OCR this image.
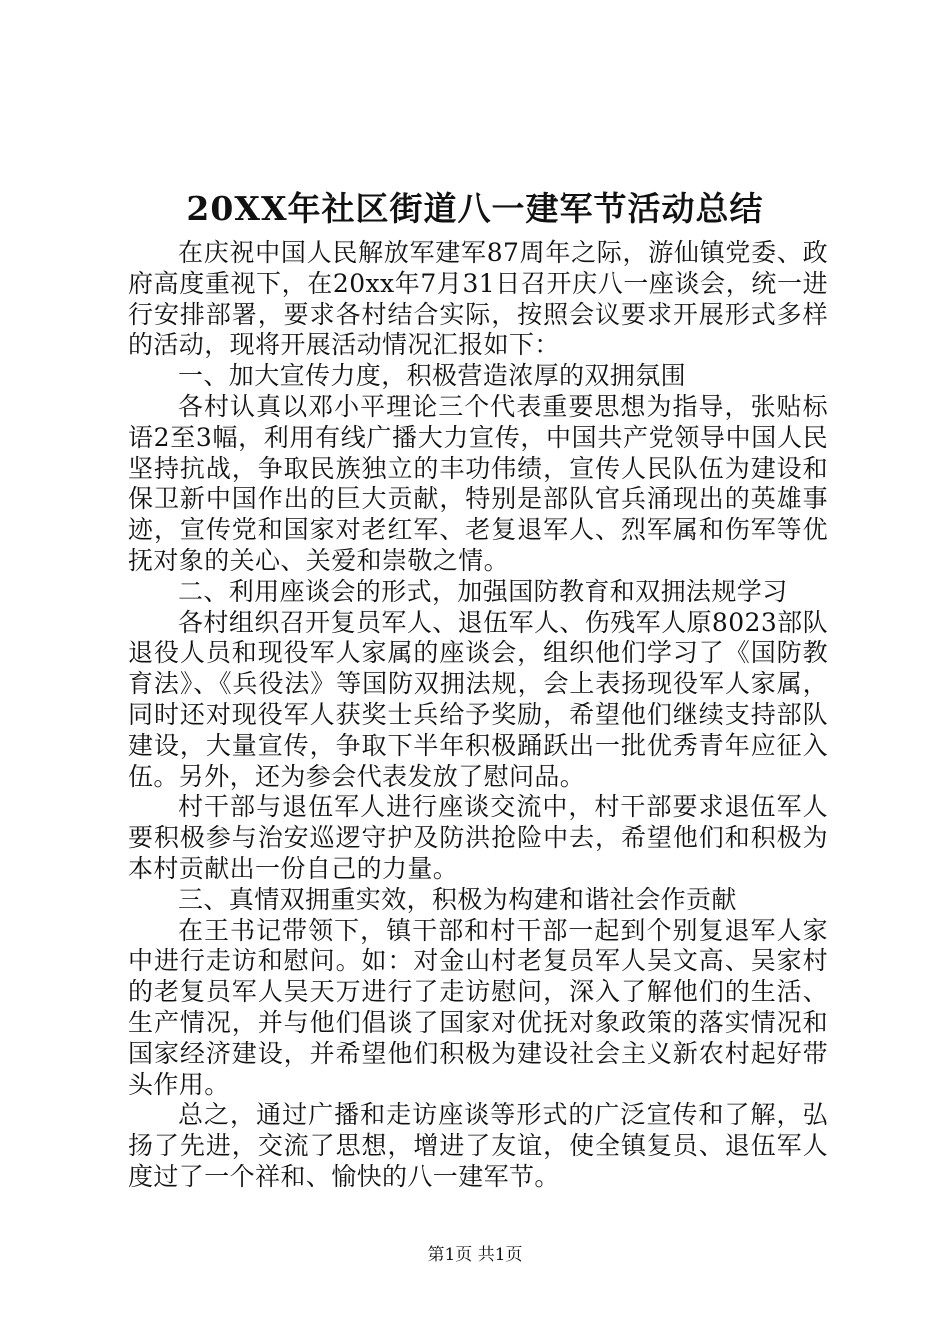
20XX年社区街道八一建军节活动总结

在庆祝中国人民解放军建军87周年之际，游仙镇党委、政府高度重视下，在20xx年7月31日召开庆八一座谈会，统一进行安排部署，要求各村结合实际，按照会议要求开展形式多样的活动，现将开展活动情况汇报如下：

一、加大宣传力度，积极营造浓厚的双拥氛围

各村认真以邓小平理论三个代表重要思想为指导，张贴标语2至3幅，利用有线广播大力宣传，中国共产党领导中国人民坚持抗战，争取民族独立的丰功伟绩，宣传人民队伍为建设和保卫新中国作出的巨大贡献，特别是部队官兵涌现出的英雄事迹，宣传党和国家对老红军、老复退军人、烈军属和伤军等优抚对象的关心、关爱和崇敬之情。

二、利用座谈会的形式，加强国防教育和双拥法规学习

各村组织召开复员军人、退伍军人、伤残军人原8023部队退役人员和现役军人家属的座谈会，组织他们学习了《国防教育法》、《兵役法》等国防双拥法规，会上表扬现役军人家属，同时还对现役军人获奖士兵给予奖励，希望他们继续支持部队建设，大量宣传，争取下半年积极踊跃出一批优秀青年应征入伍。另外，还为参会代表发放了慰问品。

村干部与退伍军人进行座谈交流中，村干部要求退伍军人要积极参与治安巡逻守护及防洪抢险中去，希望他们和积极为本村贡献出一份自己的力量。

三、真情双拥重实效，积极为构建和谐社会作贡献

在王书记带领下，镇干部和村干部一起到个别复退军人家中进行走访和慰问。如：对金山村老复员军人吴文高、吴家村的老复员军人吴天万进行了走访慰问，深入了解他们的生活、生产情况，并与他们倡谈了国家对优抚对象政策的落实情况和国家经济建设，并希望他们积极为建设社会主义新农村起好带头作用。

总之，通过广播和走访座谈等形式的广泛宣传和了解，弘扬了先进，交流了思想，增进了友谊，使全镇复员、退伍军人度过了一个祥和、愉快的八一建军节。

第1页 共1页
